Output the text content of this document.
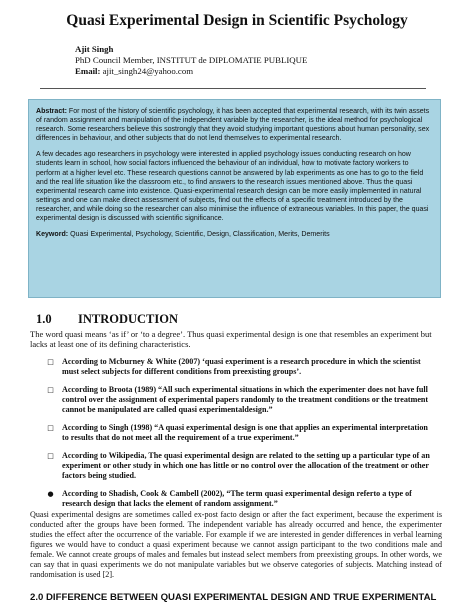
Quasi Experimental Design in Scientific Psychology
Ajit Singh
PhD Council Member, INSTITUT de DIPLOMATIE PUBLIQUE
Email: ajit_singh24@yahoo.com

Abstract: For most of the history of scientific psychology, it has been accepted that experimental research, with its twin assets of random assignment and manipulation of the independent variable by the researcher, is the ideal method for psychological research. Some researchers believe this sostrongly that they avoid studying important questions about human personality, sex differences in behaviour, and other subjects that do not lend themselves to experimental research.

A few decades ago researchers in psychology were interested in applied psychology issues conducting research on how students learn in school, how social factors influenced the behaviour of an individual, how to motivate factory workers to perform at a higher level etc. These research questions cannot be answered by lab experiments as one has to go to the field and the real life situation like the classroom etc., to find answers to the research issues mentioned above. Thus the quasi experimental research came into existence. Quasi-experimental research design can be more easily implemented in natural settings and one can make direct assessment of subjects, find out the effects of a specific treatment introduced by the researcher, and while doing so the researcher can also minimise the influence of extraneous variables. In this paper, the quasi experimental design is discussed with scientific significance.

Keyword: Quasi Experimental, Psychology, Scientific, Design, Classification, Merits, Demerits

1.0 INTRODUCTION
The word quasi means ‘as if’ or ‘to a degree’. Thus quasi experimental design is one that resembles an experiment but lacks at least one of its defining characteristics.
□ According to Mcburney & White (2007) ‘quasi experiment is a research procedure in which the scientist must select subjects for different conditions from preexisting groups’.
□ According to Broota (1989) “All such experimental situations in which the experimenter does not have full control over the assignment of experimental papers randomly to the treatment conditions or the treatment cannot be manipulated are called quasi experimentaldesign.”
□ According to Singh (1998) “A quasi experimental design is one that applies an experimental interpretation to results that do not meet all the requirement of a true experiment.”
□ According to Wikipedia, The quasi experimental design are related to the setting up a particular type of an experiment or other study in which one has little or no control over the allocation of the treatment or other factors being studied.
● According to Shadish, Cook & Cambell (2002), “The term quasi experimental design referto a type of research design that lacks the element of random assignment.”
Quasi experimental designs are sometimes called ex-post facto design or after the fact experiment, because the experiment is conducted after the groups have been formed. The independent variable has already occurred and hence, the experimenter studies the effect after the occurrence of the variable. For example if we are interested in gender differences in verbal learning figures we would have to conduct a quasi experiment because we cannot assign participant to the two conditions male and female. We cannot create groups of males and females but instead select members from preexisting groups. In other words, we can say that in quasi experiments we do not manipulate variables but we observe categories of subjects. Matching instead of randomisation is used [2].
2.0 DIFFERENCE BETWEEN QUASI EXPERIMENTAL DESIGN AND TRUE EXPERIMENTAL
